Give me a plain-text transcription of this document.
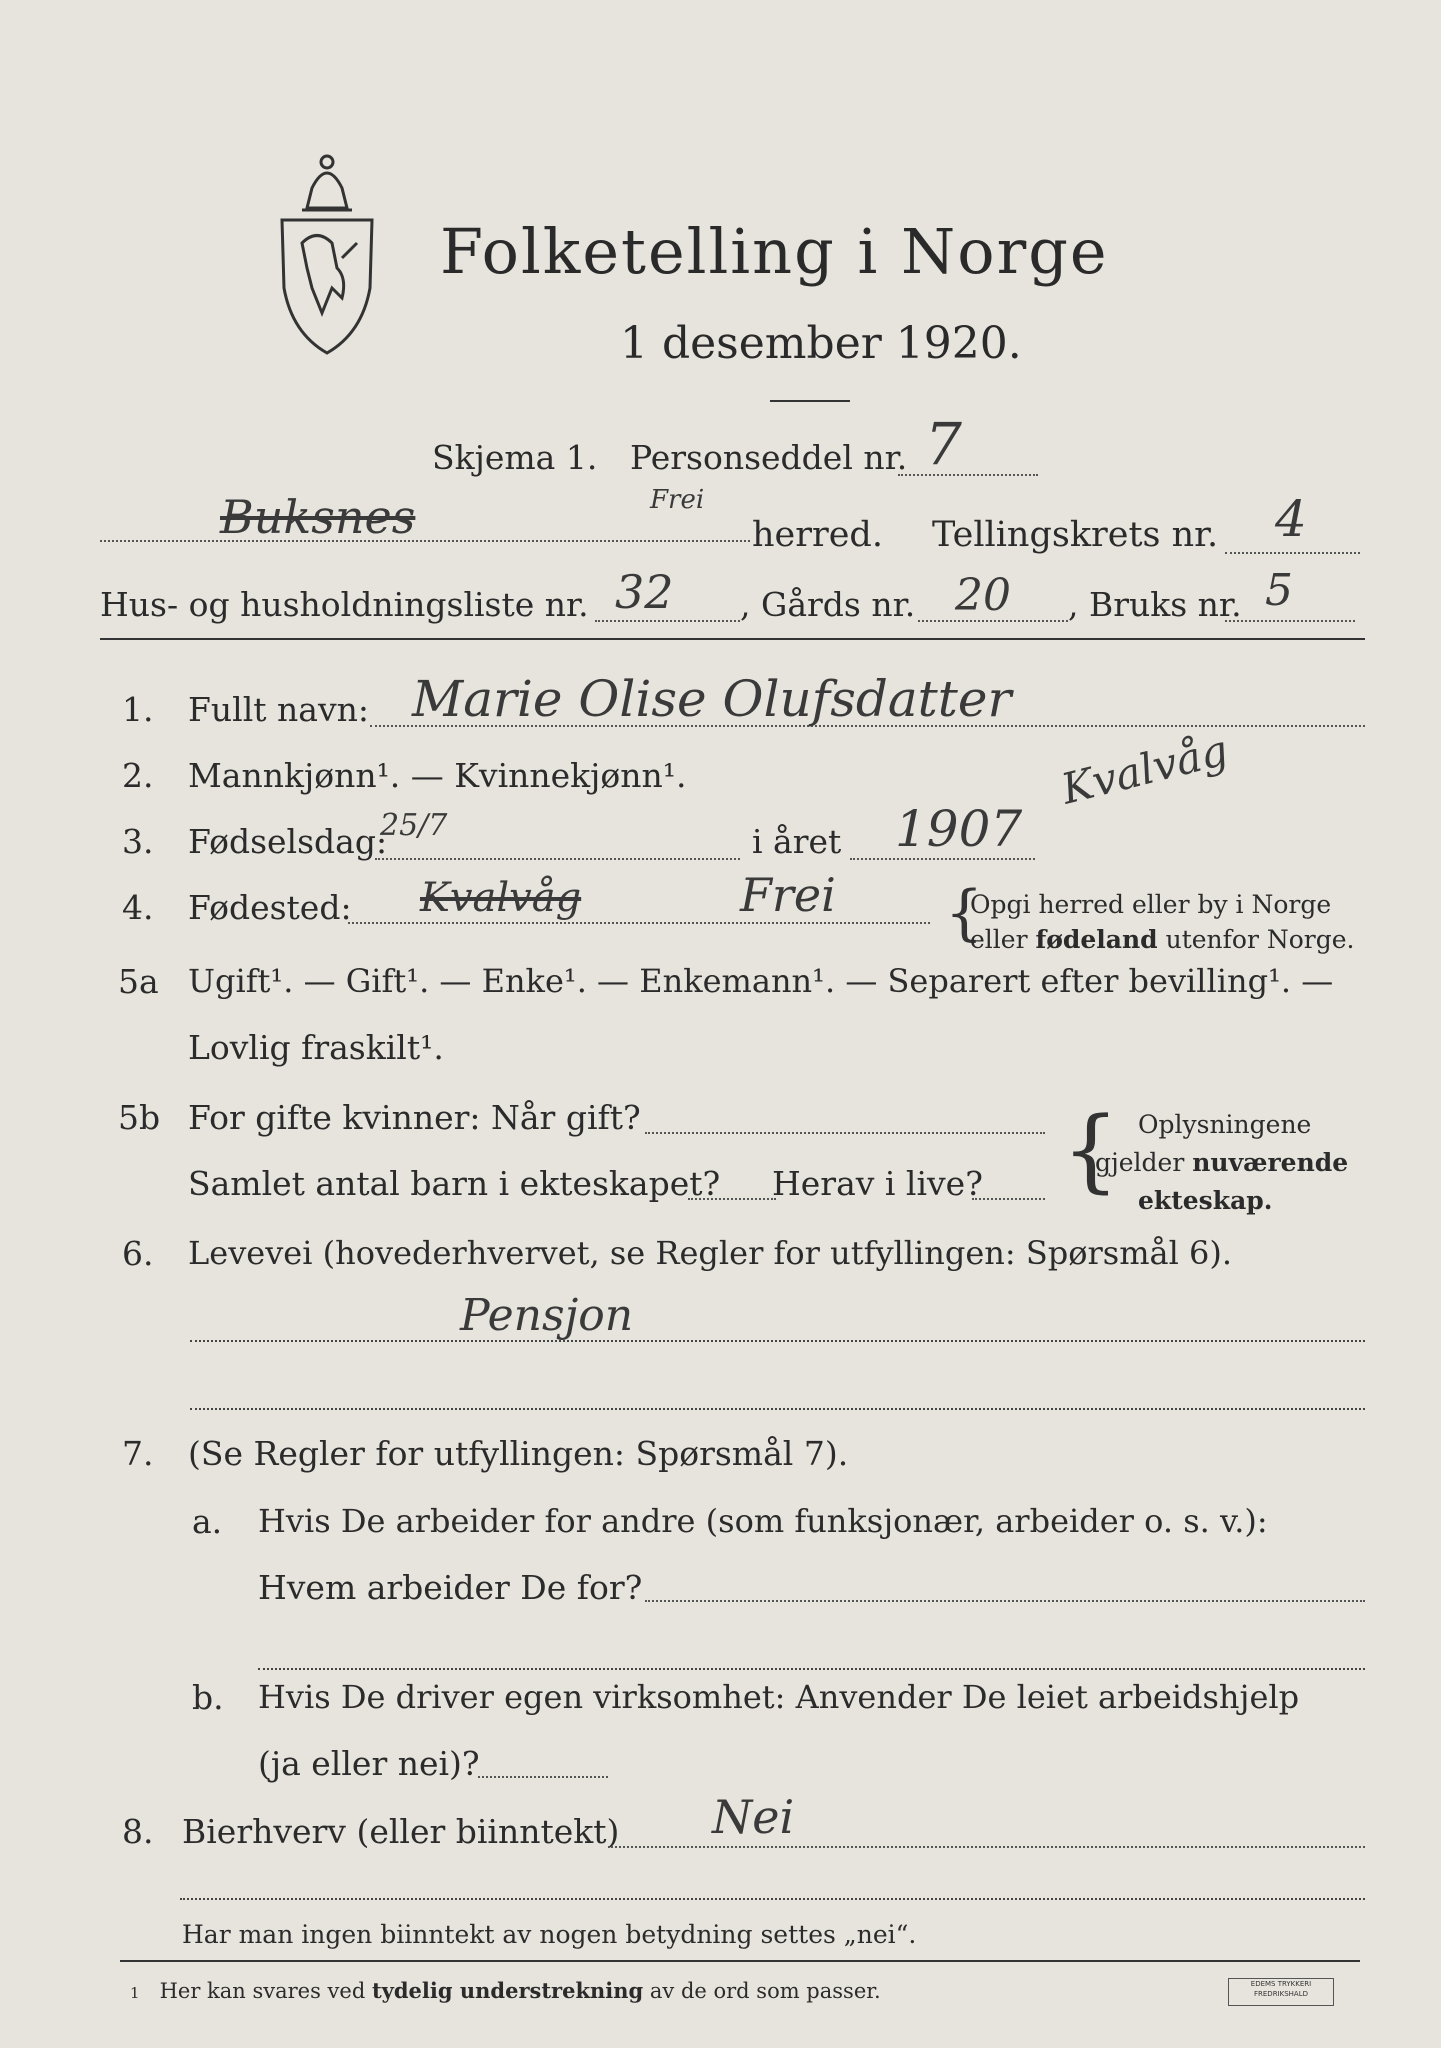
Folketelling i Norge
1 desember 1920.
Skjema 1. Personseddel nr. 7
Buksnes	Frei
herred. Tellingskrets nr. 4
Hus- og husholdningsliste nr. 32 , Gårds nr. 20 , Bruks nr. 5
1. Fullt navn: Marie Olise Olufsdatter
2. Mannkjønn¹. — Kvinnekjønn¹.	Kvalvåg
3. Fødselsdag:
25/7	i året 1907
4. Fødested: Kvalvåg	Frei {
Opgi herred eller by i Norge
eller fødeland utenfor Norge.
5a Ugift¹. — Gift¹. — Enke¹. — Enkemann¹. — Separert efter bevilling¹. —
Lovlig fraskilt¹.
5b For gifte kvinner: Når gift?
Samlet antal barn i ekteskapet? Herav i live? { Oplysningene
gjelder nuværende
ekteskap.
6. Levevei (hovederhvervet, se Regler for utfyllingen: Spørsmål 6).
Pensjon
7. (Se Regler for utfyllingen: Spørsmål 7).
a. Hvis De arbeider for andre (som funksjonær, arbeider o. s. v.):
Hvem arbeider De for?
b. Hvis De driver egen virksomhet: Anvender De leiet arbeidshjelp
(ja eller nei)?
8. Bierhverv (eller biinntekt) Nei
Har man ingen biinntekt av nogen betydning settes „nei“.
1 Her kan svares ved tydelig understrekning av de ord som passer.	EDEMS TRYKKERI
FREDRIKSHALD
